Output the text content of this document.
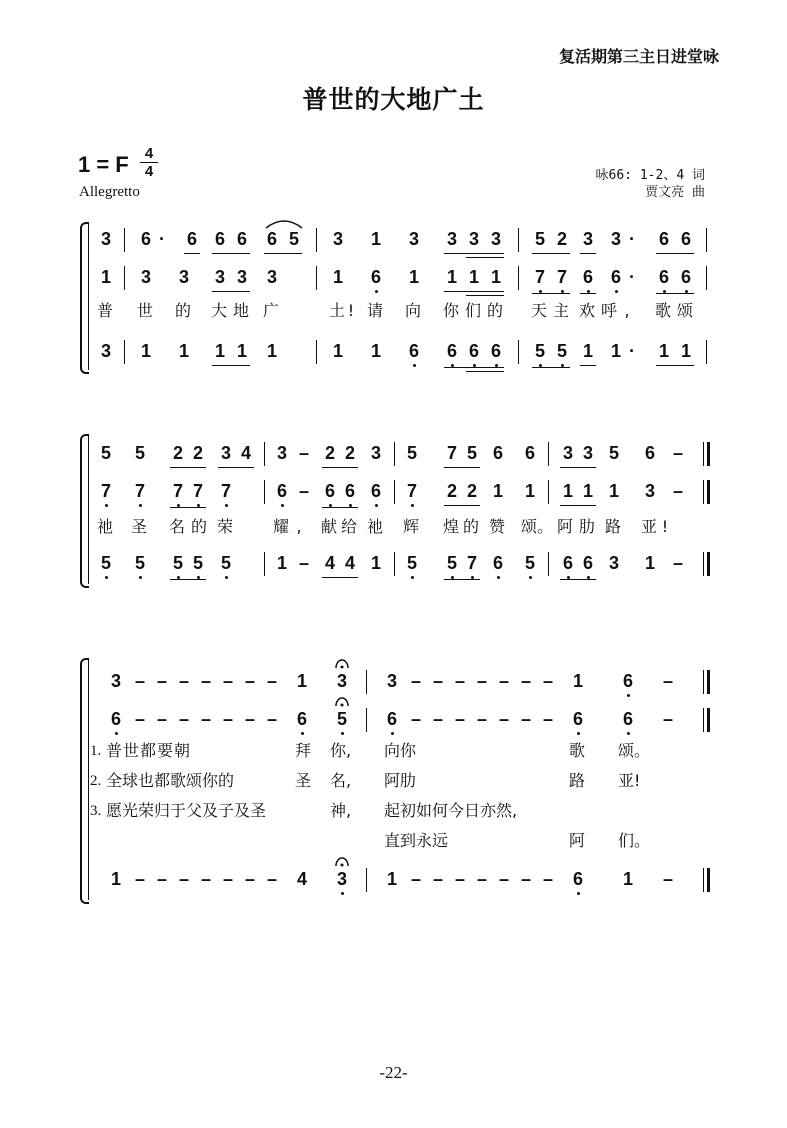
复活期第三主日进堂咏
普世的大地广土
1 = F	4
4
Allegretto
咏66: 1-2、4 词
贾文亮 曲
3 6 · 6 6 6 6 5 3 1 3 3 3 3 5 2 3 3 · 6 6
1 3 3 3 3 3	1 6 1 1 1 1 7 7 6 6 · 6 6
普 世 的 大 地 广	土 ! 请 向 你 们 的 天 主 欢 呼 ,	歌 颂
3 1 1 1 1 1	1 1 6 6 6 6 5 5 1 1 · 1 1
5 5 2 2 3 4 3 – 2 2 3 5 7 5 6 6 3 3 5 6 –
7 7 7 7 7	6 – 6 6 6 7 2 2 1 1 1 1 1 3 –
祂 圣 名 的 荣 耀 ,	献 给 祂 辉 煌 的 赞 颂 。 阿 肋 路 亚 !
5 5 5 5 5	1 – 4 4 1 5 5 7 6 5 6 6 3 1 –
3 – – – – – – – 1 3 3 – – – – – – – 1 6 –
6 – – – – – – – 6 5 6 – – – – – – – 6 6 –
1. 普世都要朝	拜 你, 向你	歌 颂。
2. 全球也都歌颂你的	圣 名, 阿肋	路 亚!
3. 愿光荣归于父及子及圣	神, 起初如何今日亦然,
直到永远	阿 们。
1 – – – – – – – 4 3 1 – – – – – – – 6 1 –
-22-
